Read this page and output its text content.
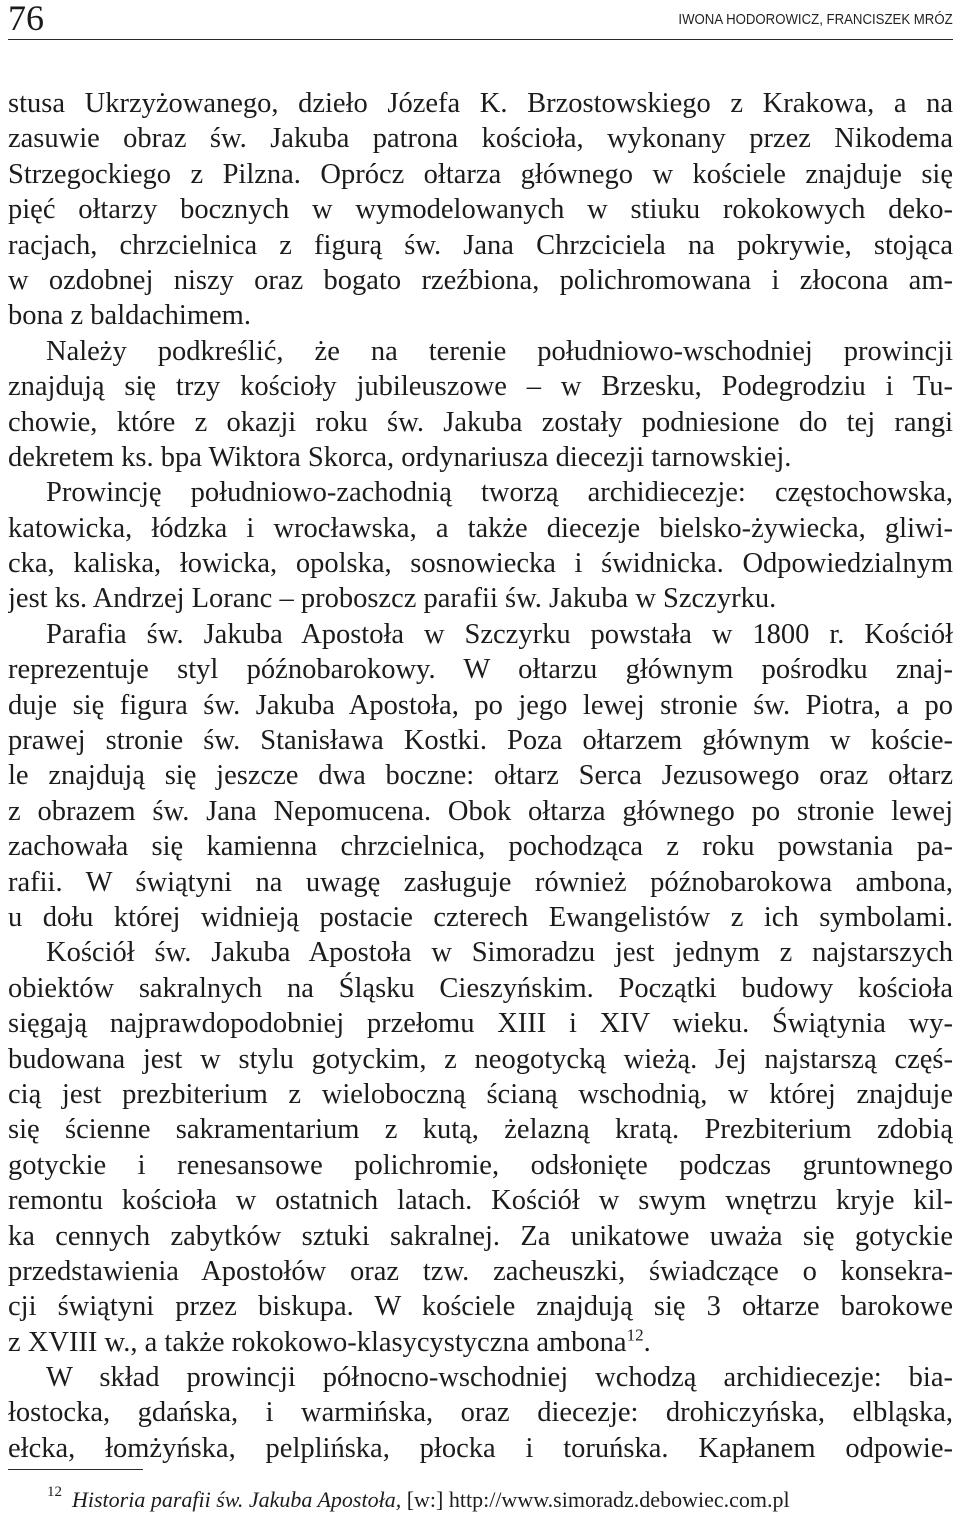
76	IWONA HODOROWICZ, FRANCISZEK MRÓZ
stusa Ukrzyżowanego, dzieło Józefa K. Brzostowskiego z Krakowa, a na
zasuwie obraz św. Jakuba patrona kościoła, wykonany przez Nikodema
Strzegockiego z Pilzna. Oprócz ołtarza głównego w kościele znajduje się
pięć ołtarzy bocznych w wymodelowanych w stiuku rokokowych deko-
racjach, chrzcielnica z figurą św. Jana Chrzciciela na pokrywie, stojąca
w ozdobnej niszy oraz bogato rzeźbiona, polichromowana i złocona am-
bona z baldachimem.
Należy podkreślić, że na terenie południowo-wschodniej prowincji
znajdują się trzy kościoły jubileuszowe – w Brzesku, Podegrodziu i Tu-
chowie, które z okazji roku św. Jakuba zostały podniesione do tej rangi
dekretem ks. bpa Wiktora Skorca, ordynariusza diecezji tarnowskiej.
Prowincję południowo-zachodnią tworzą archidiecezje: częstochowska,
katowicka, łódzka i wrocławska, a także diecezje bielsko-żywiecka, gliwi-
cka, kaliska, łowicka, opolska, sosnowiecka i świdnicka. Odpowiedzialnym
jest ks. Andrzej Loranc – proboszcz parafii św. Jakuba w Szczyrku.
Parafia św. Jakuba Apostoła w Szczyrku powstała w 1800 r. Kościół
reprezentuje styl późnobarokowy. W ołtarzu głównym pośrodku znaj-
duje się figura św. Jakuba Apostoła, po jego lewej stronie św. Piotra, a po
prawej stronie św. Stanisława Kostki. Poza ołtarzem głównym w koście-
le znajdują się jeszcze dwa boczne: ołtarz Serca Jezusowego oraz ołtarz
z obrazem św. Jana Nepomucena. Obok ołtarza głównego po stronie lewej
zachowała się kamienna chrzcielnica, pochodząca z roku powstania pa-
rafii. W świątyni na uwagę zasługuje również późnobarokowa ambona,
u dołu której widnieją postacie czterech Ewangelistów z ich symbolami.
Kościół św. Jakuba Apostoła w Simoradzu jest jednym z najstarszych
obiektów sakralnych na Śląsku Cieszyńskim. Początki budowy kościoła
sięgają najprawdopodobniej przełomu XIII i XIV wieku. Świątynia wy-
budowana jest w stylu gotyckim, z neogotycką wieżą. Jej najstarszą częś-
cią jest prezbiterium z wieloboczną ścianą wschodnią, w której znajduje
się ścienne sakramentarium z kutą, żelazną kratą. Prezbiterium zdobią
gotyckie i renesansowe polichromie, odsłonięte podczas gruntownego
remontu kościoła w ostatnich latach. Kościół w swym wnętrzu kryje kil-
ka cennych zabytków sztuki sakralnej. Za unikatowe uważa się gotyckie
przedstawienia Apostołów oraz tzw. zacheuszki, świadczące o konsekra-
cji świątyni przez biskupa. W kościele znajdują się 3 ołtarze barokowe
z XVIII w., a także rokokowo-klasycystyczna ambona$^{12}$.
W skład prowincji północno-wschodniej wchodzą archidiecezje: bia-
łostocka, gdańska, i warmińska, oraz diecezje: drohiczyńska, elbląska,
ełcka, łomżyńska, pelplińska, płocka i toruńska. Kapłanem odpowie-
12 Historia parafii św. Jakuba Apostoła, [w:] http://www.simoradz.debowiec.com.pl
